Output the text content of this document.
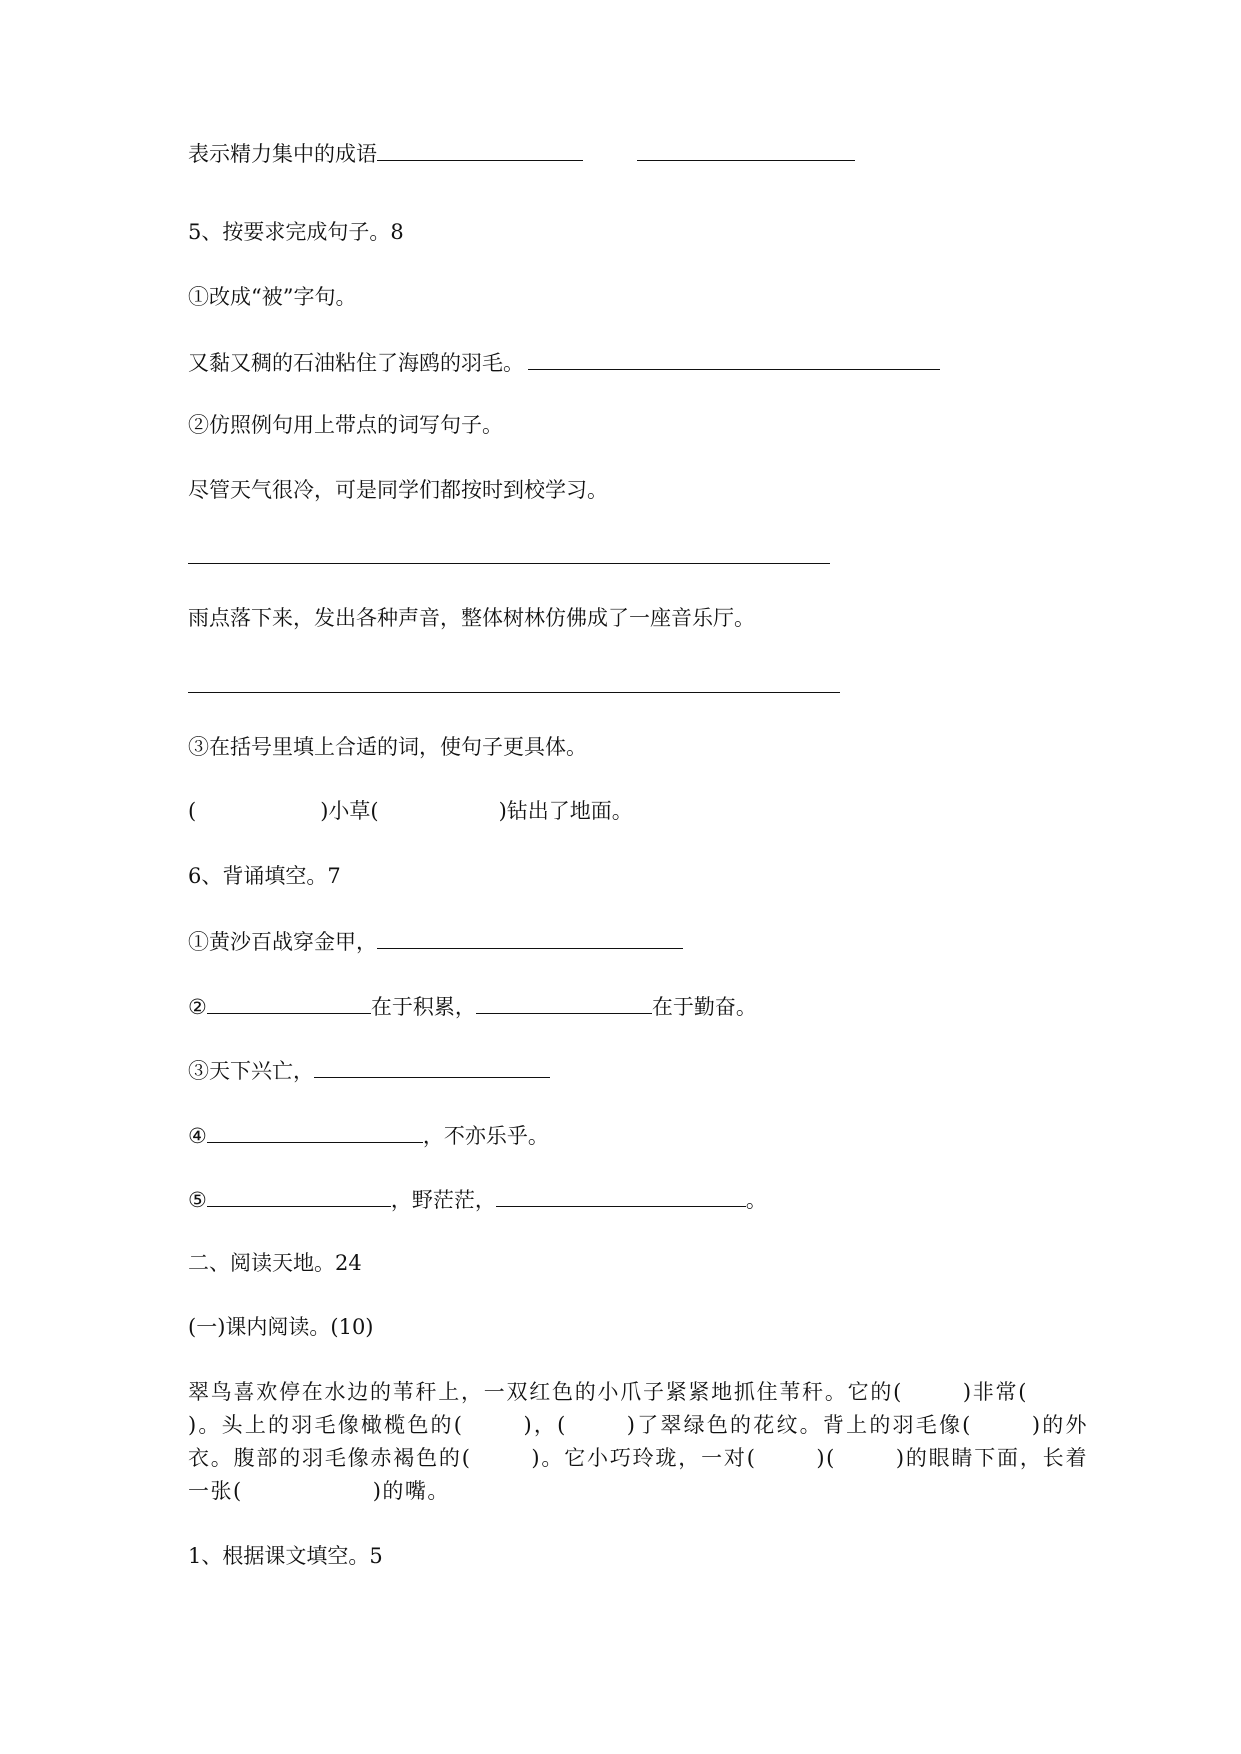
表示精力集中的成语
5、按要求完成句子。8
①改成“被”字句。
又黏又稠的石油粘住了海鸥的羽毛。
②仿照例句用上带点的词写句子。
尽管天气很冷，可是同学们都按时到校学习。
雨点落下来，发出各种声音，整体树林仿佛成了一座音乐厅。
③在括号里填上合适的词，使句子更具体。
(	)小草(	)钻出了地面。
6、背诵填空。7
①黄沙百战穿金甲，
②	在于积累，	在于勤奋。
③天下兴亡，
④	，不亦乐乎。
⑤	，野茫茫，	。
二、阅读天地。24
(一)课内阅读。(10)
翠鸟喜欢停在水边的苇秆上，一双红色的小爪子紧紧地抓住苇秆。它的(	)非常()。头上的羽毛像橄榄色的(	)，(	)了翠绿色的花纹。背上的羽毛像(	)的外衣。腹部的羽毛像赤褐色的(	)。它小巧玲珑，一对(	)(	)的眼睛下面，长着一张(	)的嘴。
1、根据课文填空。5
